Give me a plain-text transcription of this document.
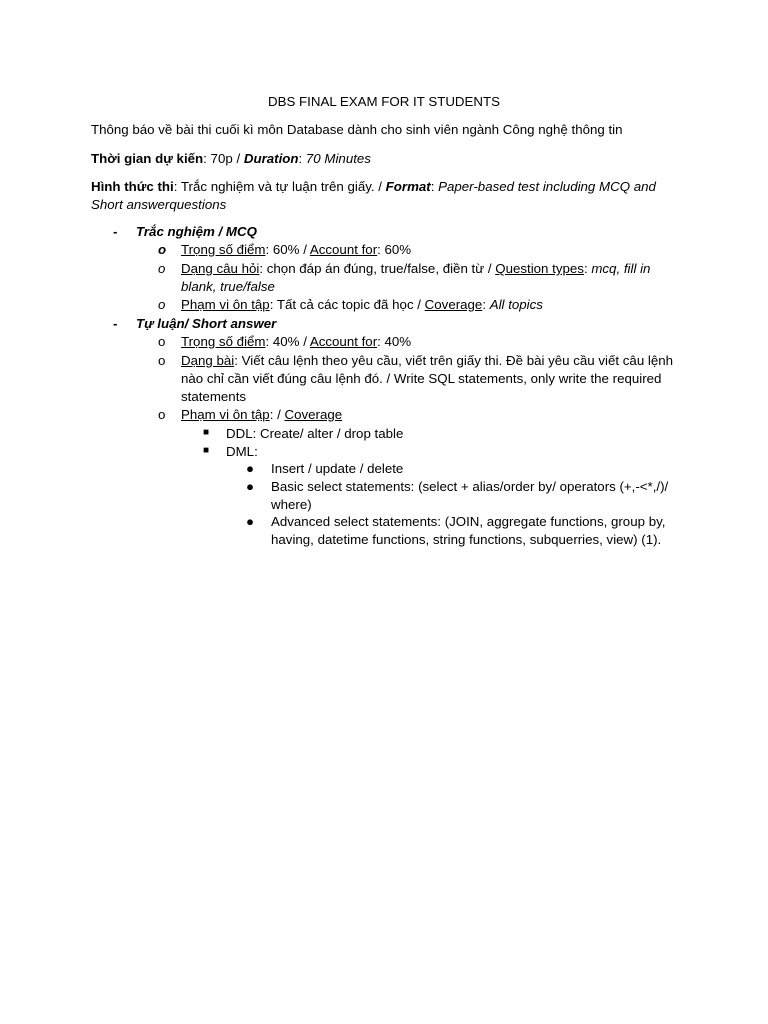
DBS FINAL EXAM FOR IT STUDENTS
Thông báo về bài thi cuối kì môn Database dành cho sinh viên ngành Công nghệ thông tin
Thời gian dự kiến: 70p / Duration: 70 Minutes
Hình thức thi: Trắc nghiệm và tự luận trên giấy. / Format: Paper-based test including MCQ and Short answerquestions
- Trắc nghiệm / MCQ
o Trọng số điểm: 60% / Account for: 60%
o Dạng câu hỏi: chọn đáp án đúng, true/false, điền từ / Question types: mcq, fill in blank, true/false
o Phạm vi ôn tập: Tất cả các topic đã học / Coverage: All topics
- Tự luận/ Short answer
o Trọng số điểm: 40% / Account for: 40%
o Dạng bài: Viết câu lệnh theo yêu cầu, viết trên giấy thi. Đề bài yêu cầu viết câu lệnh nào chỉ cần viết đúng câu lệnh đó. / Write SQL statements, only write the required statements
o Phạm vi ôn tập: / Coverage
■ DDL: Create/ alter / drop table
■ DML:
● Insert / update / delete
● Basic select statements: (select + alias/order by/ operators (+,-<*,/)/ where)
● Advanced select statements: (JOIN, aggregate functions, group by, having, datetime functions, string functions, subquerries, view) (1).
